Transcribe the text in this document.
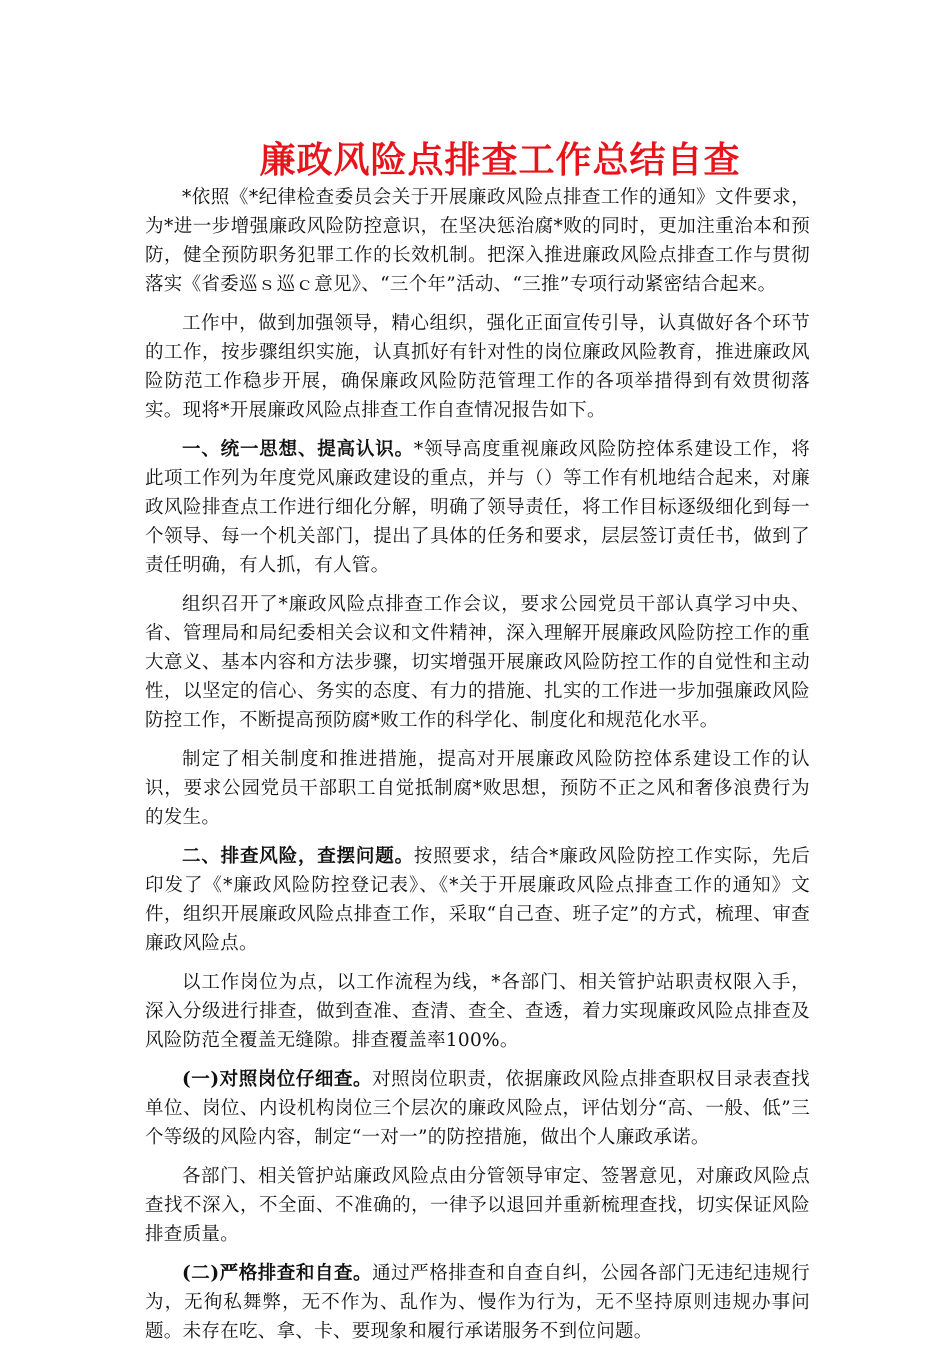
廉政风险点排查工作总结自查

*依照《*纪律检查委员会关于开展廉政风险点排查工作的通知》文件要求，为*进一步增强廉政风险防控意识，在坚决惩治腐*败的同时，更加注重治本和预防，健全预防职务犯罪工作的长效机制。把深入推进廉政风险点排查工作与贯彻落实《省委巡ｓ巡ｃ意见》、“三个年”活动、“三推”专项行动紧密结合起来。

工作中，做到加强领导，精心组织，强化正面宣传引导，认真做好各个环节的工作，按步骤组织实施，认真抓好有针对性的岗位廉政风险教育，推进廉政风险防范工作稳步开展，确保廉政风险防范管理工作的各项举措得到有效贯彻落实。现将*开展廉政风险点排查工作自查情况报告如下。

一、统一思想、提高认识。*领导高度重视廉政风险防控体系建设工作，将此项工作列为年度党风廉政建设的重点，并与（）等工作有机地结合起来，对廉政风险排查点工作进行细化分解，明确了领导责任，将工作目标逐级细化到每一个领导、每一个机关部门，提出了具体的任务和要求，层层签订责任书，做到了责任明确，有人抓，有人管。

组织召开了*廉政风险点排查工作会议，要求公园党员干部认真学习中央、省、管理局和局纪委相关会议和文件精神，深入理解开展廉政风险防控工作的重大意义、基本内容和方法步骤，切实增强开展廉政风险防控工作的自觉性和主动性，以坚定的信心、务实的态度、有力的措施、扎实的工作进一步加强廉政风险防控工作，不断提高预防腐*败工作的科学化、制度化和规范化水平。

制定了相关制度和推进措施，提高对开展廉政风险防控体系建设工作的认识，要求公园党员干部职工自觉抵制腐*败思想，预防不正之风和奢侈浪费行为的发生。

二、排查风险，查摆问题。按照要求，结合*廉政风险防控工作实际，先后印发了《*廉政风险防控登记表》、《*关于开展廉政风险点排查工作的通知》文件，组织开展廉政风险点排查工作，采取“自己查、班子定”的方式，梳理、审查廉政风险点。

以工作岗位为点，以工作流程为线，*各部门、相关管护站职责权限入手，深入分级进行排查，做到查准、查清、查全、查透，着力实现廉政风险点排查及风险防范全覆盖无缝隙。排查覆盖率100%。

(一)对照岗位仔细查。对照岗位职责，依据廉政风险点排查职权目录表查找单位、岗位、内设机构岗位三个层次的廉政风险点，评估划分“高、一般、低”三个等级的风险内容，制定“一对一”的防控措施，做出个人廉政承诺。

各部门、相关管护站廉政风险点由分管领导审定、签署意见，对廉政风险点查找不深入，不全面、不准确的，一律予以退回并重新梳理查找，切实保证风险排查质量。

(二)严格排查和自查。通过严格排查和自查自纠，公园各部门无违纪违规行为，无徇私舞弊，无不作为、乱作为、慢作为行为，无不坚持原则违规办事问题。未存在吃、拿、卡、要现象和履行承诺服务不到位问题。
